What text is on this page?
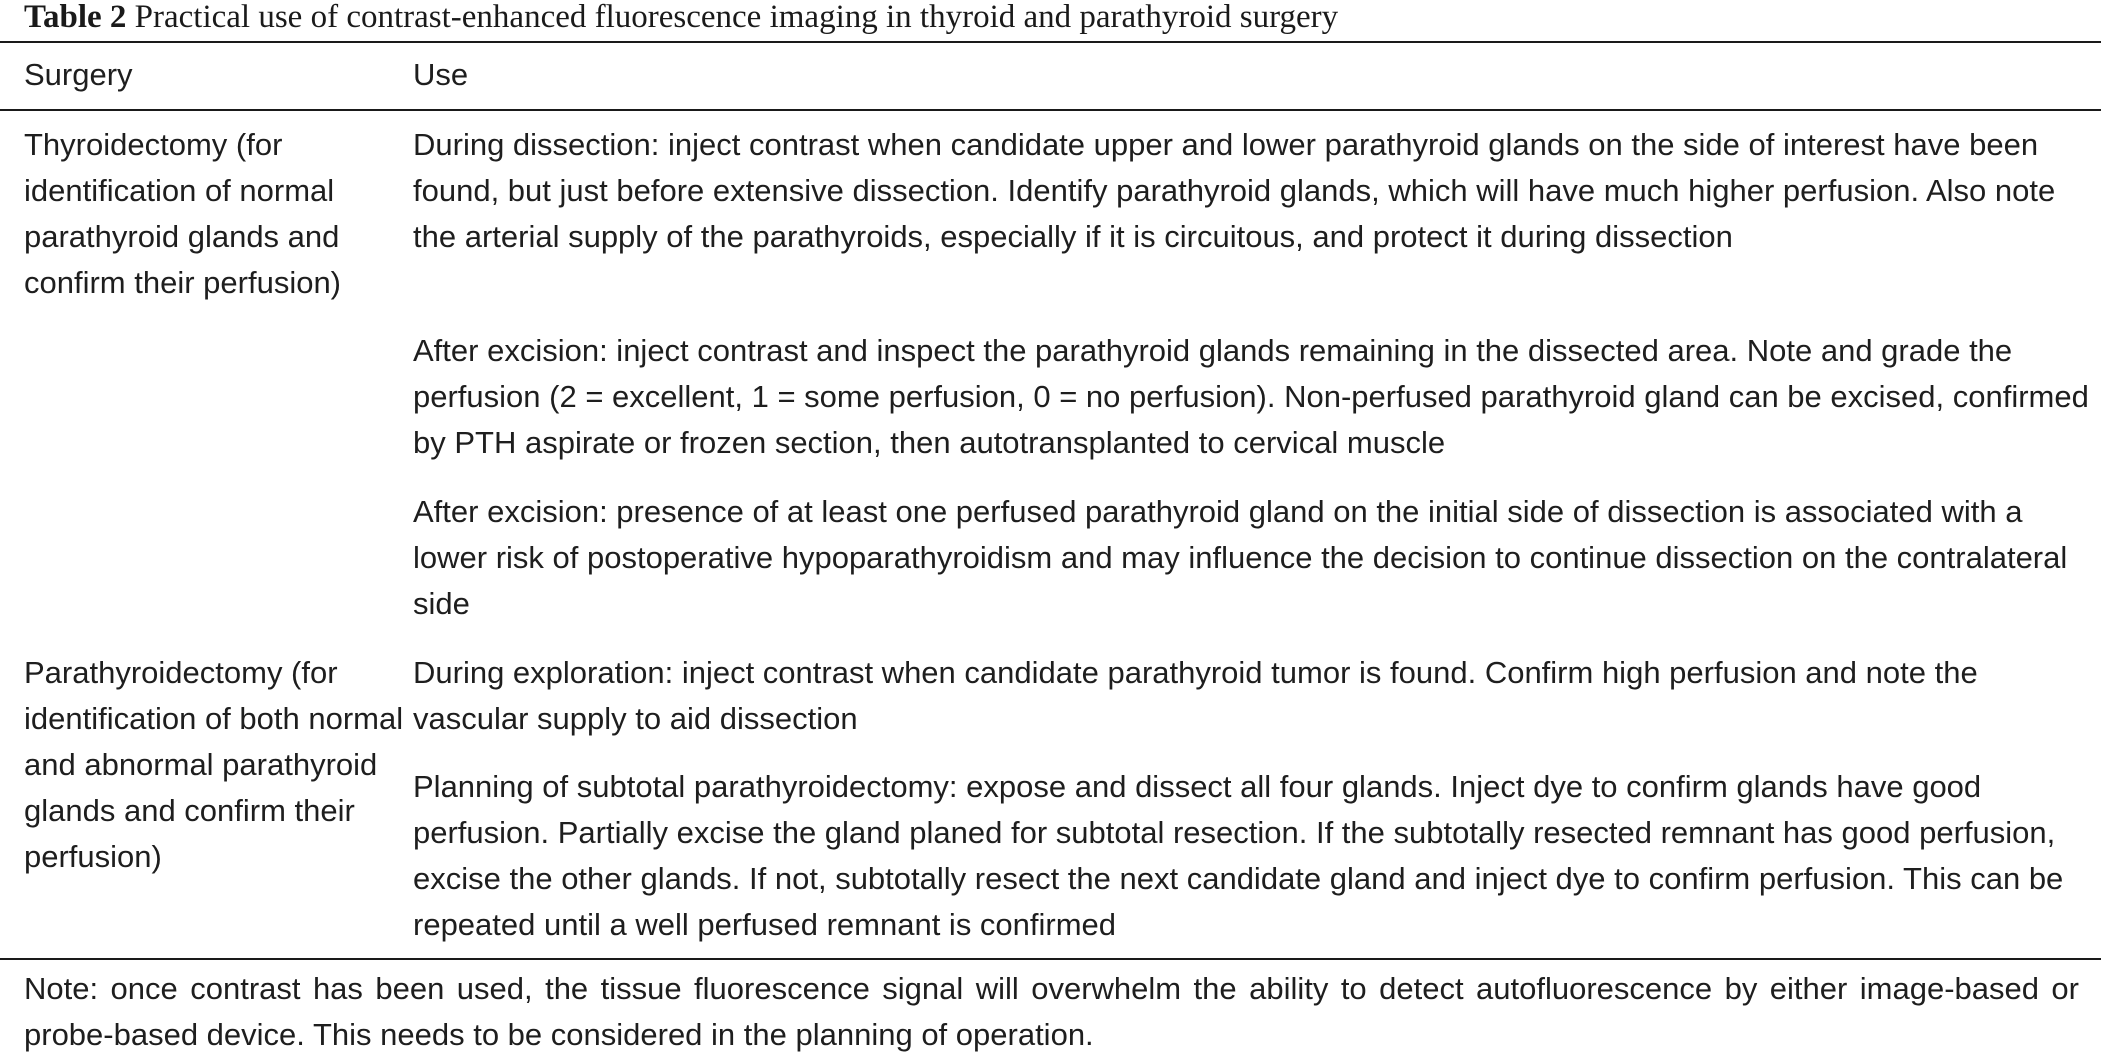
Table 2 Practical use of contrast-enhanced fluorescence imaging in thyroid and parathyroid surgery
Surgery	Use
Thyroidectomy (for identification of normal parathyroid glands and confirm their perfusion)
During dissection: inject contrast when candidate upper and lower parathyroid glands on the side of interest have been found, but just before extensive dissection. Identify parathyroid glands, which will have much higher perfusion. Also note the arterial supply of the parathyroids, especially if it is circuitous, and protect it during dissection
After excision: inject contrast and inspect the parathyroid glands remaining in the dissected area. Note and grade the perfusion (2 = excellent, 1 = some perfusion, 0 = no perfusion). Non-perfused parathyroid gland can be excised, confirmed by PTH aspirate or frozen section, then autotransplanted to cervical muscle
After excision: presence of at least one perfused parathyroid gland on the initial side of dissection is associated with a lower risk of postoperative hypoparathyroidism and may influence the decision to continue dissection on the contralateral side
Parathyroidectomy (for identification of both normal and abnormal parathyroid glands and confirm their perfusion)
During exploration: inject contrast when candidate parathyroid tumor is found. Confirm high perfusion and note the vascular supply to aid dissection
Planning of subtotal parathyroidectomy: expose and dissect all four glands. Inject dye to confirm glands have good perfusion. Partially excise the gland planed for subtotal resection. If the subtotally resected remnant has good perfusion, excise the other glands. If not, subtotally resect the next candidate gland and inject dye to confirm perfusion. This can be repeated until a well perfused remnant is confirmed
Note: once contrast has been used, the tissue fluorescence signal will overwhelm the ability to detect autofluorescence by either image-based or probe-based device. This needs to be considered in the planning of operation.
